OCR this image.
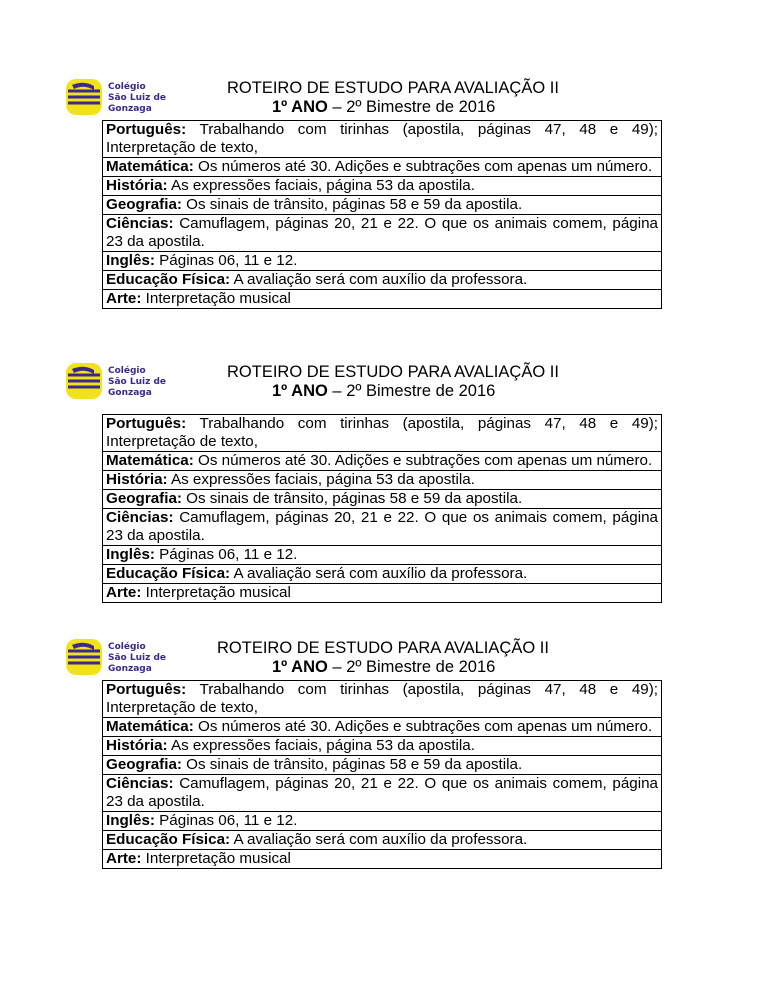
Colégio
São Luiz de
Gonzaga
ROTEIRO DE ESTUDO PARA AVALIAÇÃO II
1º ANO – 2º Bimestre de 2016
Português: Trabalhando com tirinhas (apostila, páginas 47, 48 e 49); Interpretação de texto,
Matemática: Os números até 30. Adições e subtrações com apenas um número.
História: As expressões faciais, página 53 da apostila.
Geografia: Os sinais de trânsito, páginas 58 e 59 da apostila.
Ciências: Camuflagem, páginas 20, 21 e 22. O que os animais comem, página 23 da apostila.
Inglês: Páginas 06, 11 e 12.
Educação Física: A avaliação será com auxílio da professora.
Arte: Interpretação musical
Colégio
São Luiz de
Gonzaga
ROTEIRO DE ESTUDO PARA AVALIAÇÃO II
1º ANO – 2º Bimestre de 2016
Português: Trabalhando com tirinhas (apostila, páginas 47, 48 e 49); Interpretação de texto,
Matemática: Os números até 30. Adições e subtrações com apenas um número.
História: As expressões faciais, página 53 da apostila.
Geografia: Os sinais de trânsito, páginas 58 e 59 da apostila.
Ciências: Camuflagem, páginas 20, 21 e 22. O que os animais comem, página 23 da apostila.
Inglês: Páginas 06, 11 e 12.
Educação Física: A avaliação será com auxílio da professora.
Arte: Interpretação musical
Colégio
São Luiz de
Gonzaga
ROTEIRO DE ESTUDO PARA AVALIAÇÃO II
1º ANO – 2º Bimestre de 2016
Português: Trabalhando com tirinhas (apostila, páginas 47, 48 e 49); Interpretação de texto,
Matemática: Os números até 30. Adições e subtrações com apenas um número.
História: As expressões faciais, página 53 da apostila.
Geografia: Os sinais de trânsito, páginas 58 e 59 da apostila.
Ciências: Camuflagem, páginas 20, 21 e 22. O que os animais comem, página 23 da apostila.
Inglês: Páginas 06, 11 e 12.
Educação Física: A avaliação será com auxílio da professora.
Arte: Interpretação musical
